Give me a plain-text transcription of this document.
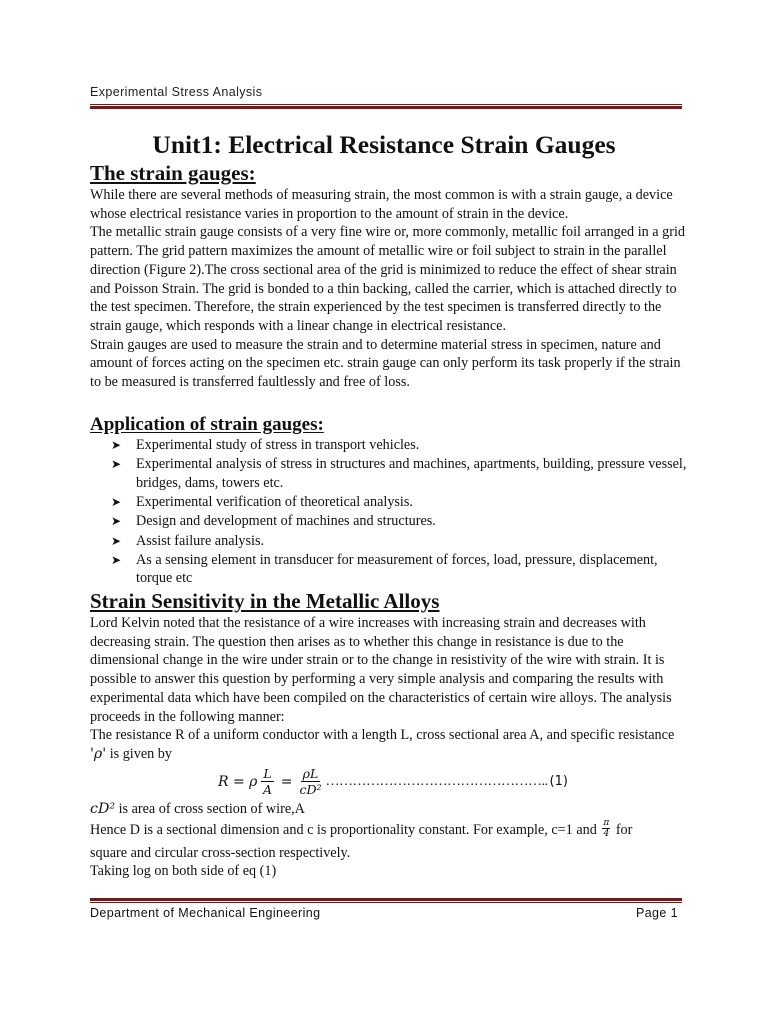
Experimental Stress Analysis
Unit1: Electrical Resistance Strain Gauges
The strain gauges:

While there are several methods of measuring strain, the most common is with a strain gauge, a device whose electrical resistance varies in proportion to the amount of strain in the device.

The metallic strain gauge consists of a very fine wire or, more commonly, metallic foil arranged in a grid pattern. The grid pattern maximizes the amount of metallic wire or foil subject to strain in the parallel direction (Figure 2).The cross sectional area of the grid is minimized to reduce the effect of shear strain and Poisson Strain. The grid is bonded to a thin backing, called the carrier, which is attached directly to the test specimen. Therefore, the strain experienced by the test specimen is transferred directly to the strain gauge, which responds with a linear change in electrical resistance.

Strain gauges are used to measure the strain and to determine material stress in specimen, nature and amount of forces acting on the specimen etc. strain gauge can only perform its task properly if the strain to be measured is transferred faultlessly and free of loss.

Application of strain gauges:
➤ Experimental study of stress in transport vehicles.
➤ Experimental analysis of stress in structures and machines, apartments, building, pressure vessel, bridges, dams, towers etc.
➤ Experimental verification of theoretical analysis.
➤ Design and development of machines and structures.
➤ Assist failure analysis.
➤ As a sensing element in transducer for measurement of forces, load, pressure, displacement, torque etc
Strain Sensitivity in the Metallic Alloys

Lord Kelvin noted that the resistance of a wire increases with increasing strain and decreases with decreasing strain. The question then arises as to whether this change in resistance is due to the dimensional change in the wire under strain or to the change in resistivity of the wire with strain. It is possible to answer this question by performing a very simple analysis and comparing the results with experimental data which have been compiled on the characteristics of certain wire alloys. The analysis proceeds in the following manner:

The resistance R of a uniform conductor with a length L, cross sectional area A, and specific resistance 'ρ' is given by

R = ρ $\frac{L}{A} = \frac{\rho L}{\text{cD²}}$ ………………………………………….. (1)
cD² is area of cross section of wire,A
Hence D is a sectional dimension and c is proportionality constant. For example, c=1 and $\frac{\pi}{4}$ for
square and circular cross-section respectively.
Taking log on both side of eq (1)
Department of Mechanical Engineering	Page 1
